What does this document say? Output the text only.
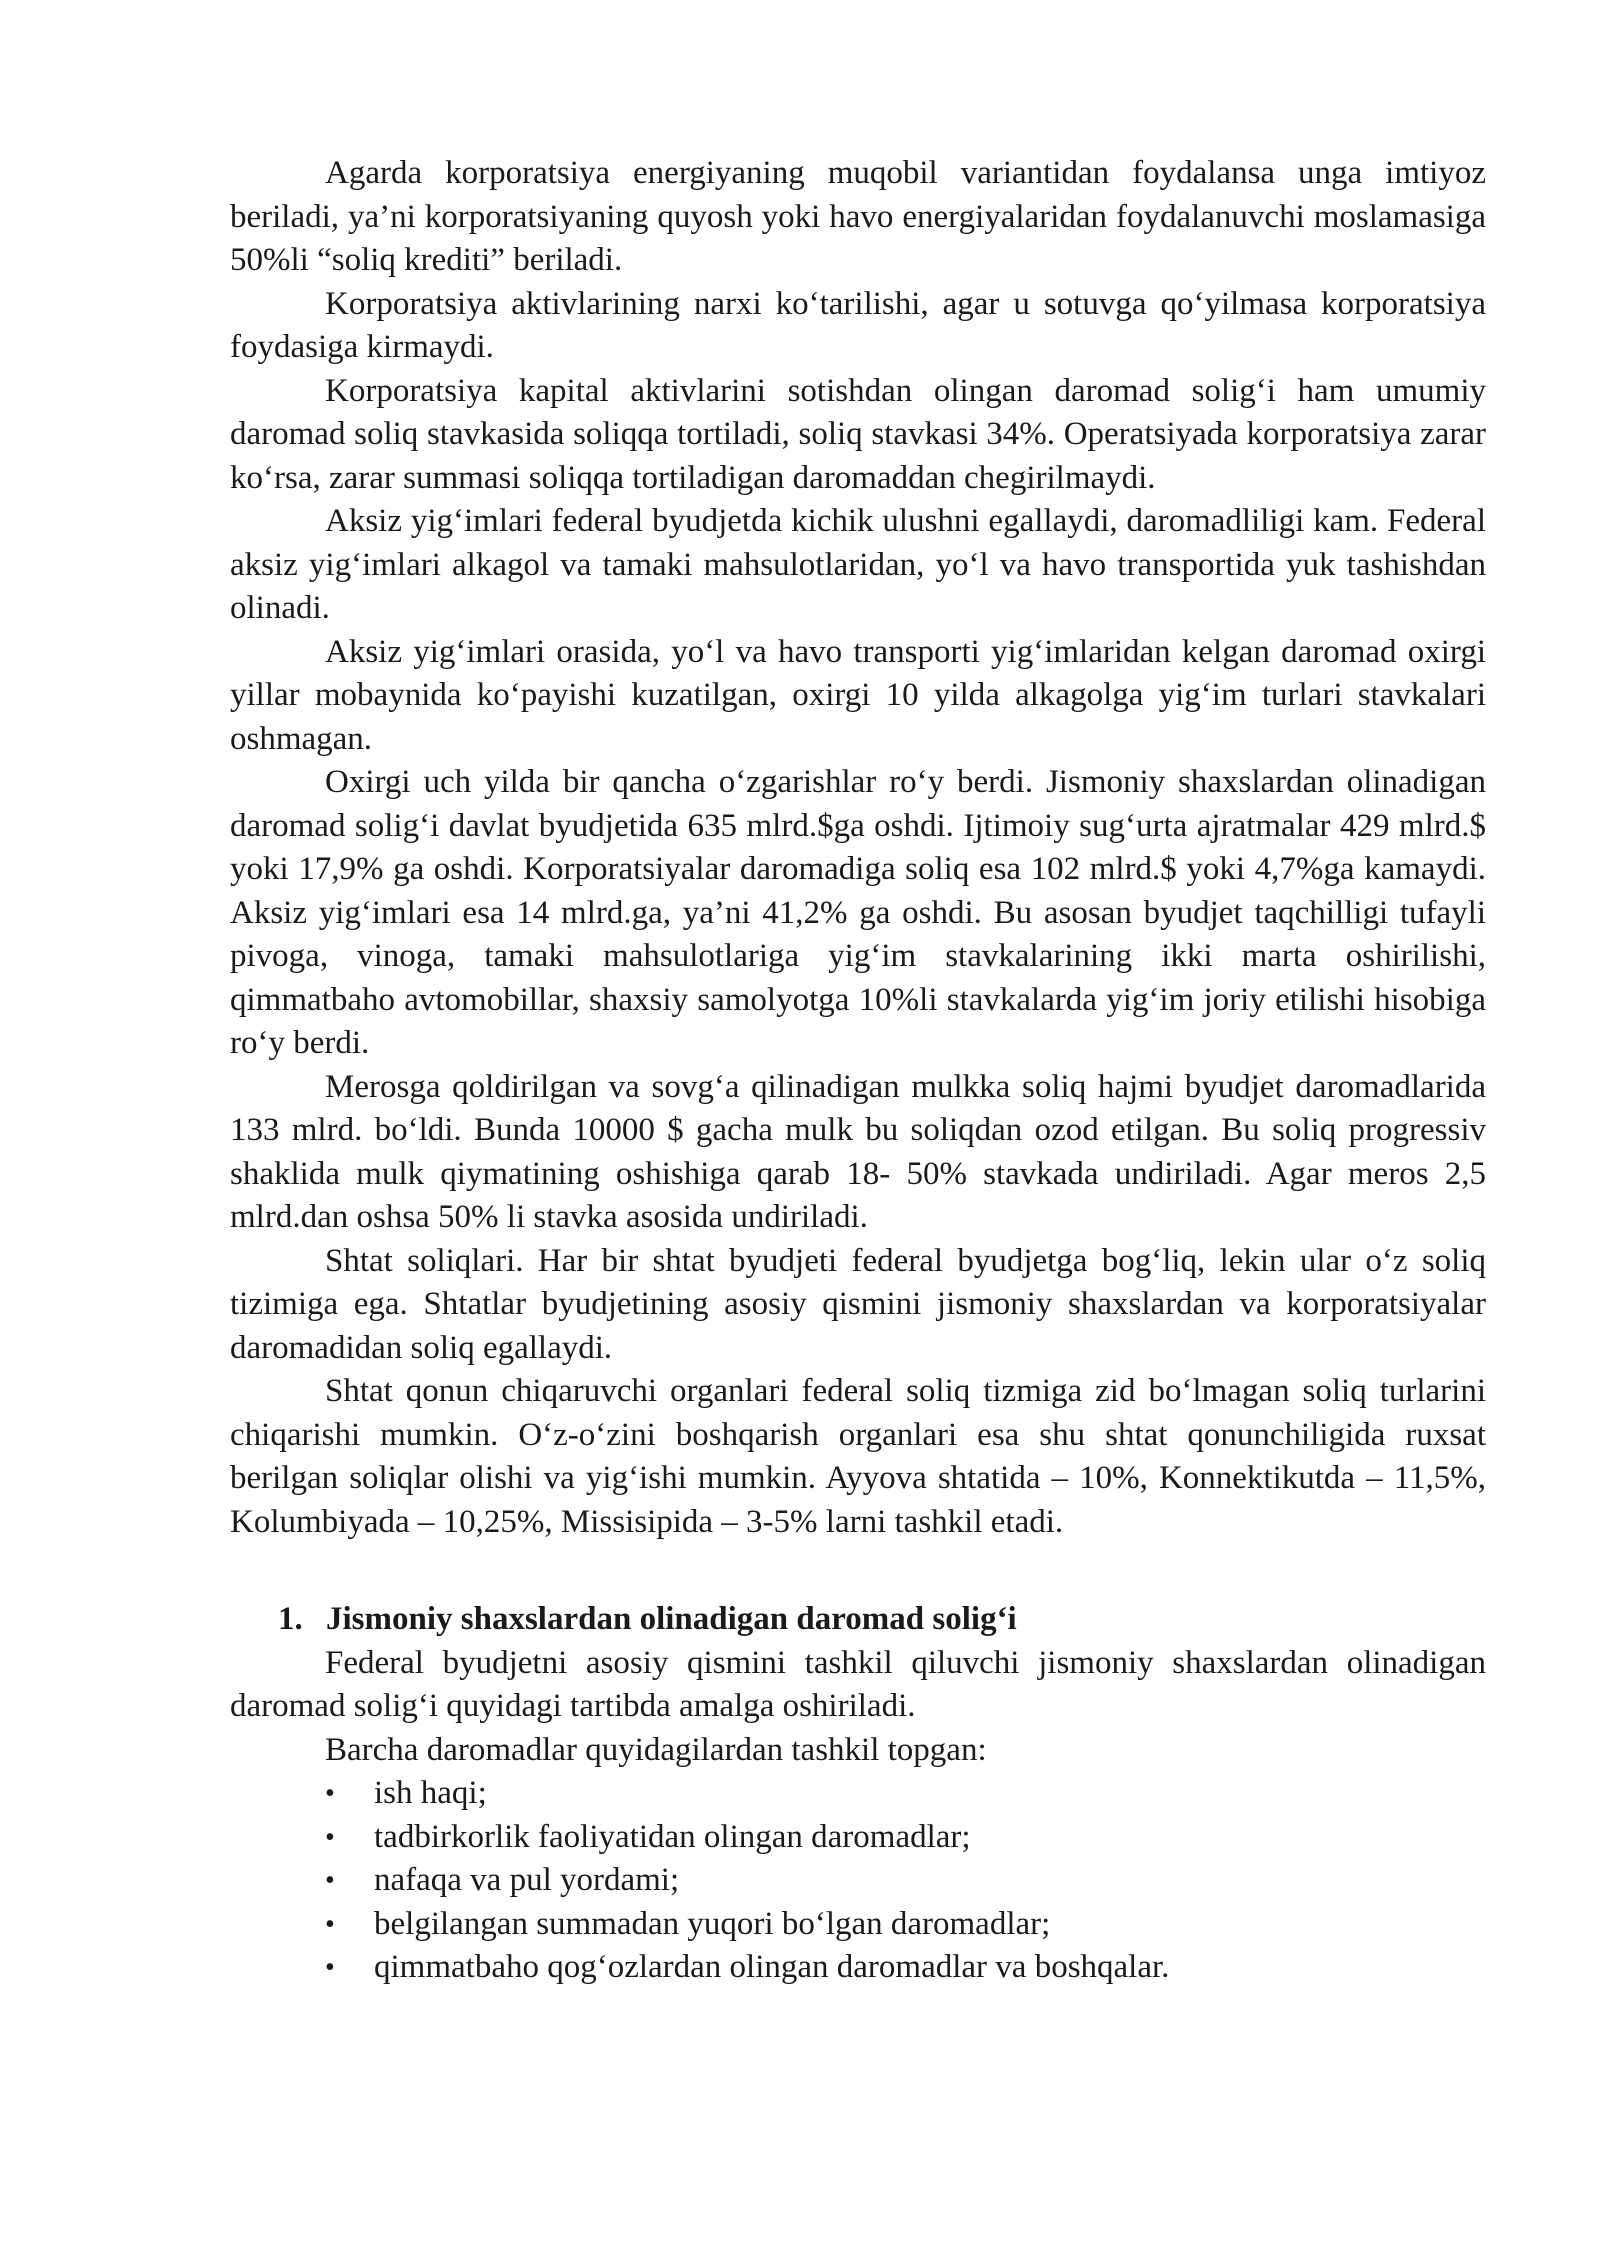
Agarda korporatsiya energiyaning muqobil variantidan foydalansa unga imtiyoz beriladi, ya’ni korporatsiyaning quyosh yoki havo energiyalaridan foydalanuvchi moslamasiga 50%li “soliq krediti” beriladi.

Korporatsiya aktivlarining narxi ko‘tarilishi, agar u sotuvga qo‘yilmasa korporatsiya foydasiga kirmaydi.

Korporatsiya kapital aktivlarini sotishdan olingan daromad solig‘i ham umumiy daromad soliq stavkasida soliqqa tortiladi, soliq stavkasi 34%. Operatsiyada korporatsiya zarar ko‘rsa, zarar summasi soliqqa tortiladigan daromaddan chegirilmaydi.

Aksiz yig‘imlari federal byudjetda kichik ulushni egallaydi, daromadliligi kam. Federal aksiz yig‘imlari alkagol va tamaki mahsulotlaridan, yo‘l va havo transportida yuk tashishdan olinadi.

Aksiz yig‘imlari orasida, yo‘l va havo transporti yig‘imlaridan kelgan daromad oxirgi yillar mobaynida ko‘payishi kuzatilgan, oxirgi 10 yilda alkagolga yig‘im turlari stavkalari oshmagan.

Oxirgi uch yilda bir qancha o‘zgarishlar ro‘y berdi. Jismoniy shaxslardan olinadigan daromad solig‘i davlat byudjetida 635 mlrd.$ga oshdi. Ijtimoiy sug‘urta ajratmalar 429 mlrd.$ yoki 17,9% ga oshdi. Korporatsiyalar daromadiga soliq esa 102 mlrd.$ yoki 4,7%ga kamaydi. Aksiz yig‘imlari esa 14 mlrd.ga, ya’ni 41,2% ga oshdi. Bu asosan byudjet taqchilligi tufayli pivoga, vinoga, tamaki mahsulotlariga yig‘im stavkalarining ikki marta oshirilishi, qimmatbaho avtomobillar, shaxsiy samolyotga 10%li stavkalarda yig‘im joriy etilishi hisobiga ro‘y berdi.

Merosga qoldirilgan va sovg‘a qilinadigan mulkka soliq hajmi byudjet daromadlarida 133 mlrd. bo‘ldi. Bunda 10000 $ gacha mulk bu soliqdan ozod etilgan. Bu soliq progressiv shaklida mulk qiymatining oshishiga qarab 18- 50% stavkada undiriladi. Agar meros 2,5 mlrd.dan oshsa 50% li stavka asosida undiriladi.

Shtat soliqlari. Har bir shtat byudjeti federal byudjetga bog‘liq, lekin ular o‘z soliq tizimiga ega. Shtatlar byudjetining asosiy qismini jismoniy shaxslardan va korporatsiyalar daromadidan soliq egallaydi.

Shtat qonun chiqaruvchi organlari federal soliq tizmiga zid bo‘lmagan soliq turlarini chiqarishi mumkin. O‘z-o‘zini boshqarish organlari esa shu shtat qonunchiligida ruxsat berilgan soliqlar olishi va yig‘ishi mumkin. Ayyova shtatida – 10%, Konnektikutda – 11,5%, Kolumbiyada – 10,25%, Missisipida – 3-5% larni tashkil etadi.

1. Jismoniy shaxslardan olinadigan daromad solig‘i

Federal byudjetni asosiy qismini tashkil qiluvchi jismoniy shaxslardan olinadigan daromad solig‘i quyidagi tartibda amalga oshiriladi.

Barcha daromadlar quyidagilardan tashkil topgan:

• ish haqi;
• tadbirkorlik faoliyatidan olingan daromadlar;
• nafaqa va pul yordami;
• belgilangan summadan yuqori bo‘lgan daromadlar;
• qimmatbaho qog‘ozlardan olingan daromadlar va boshqalar.
